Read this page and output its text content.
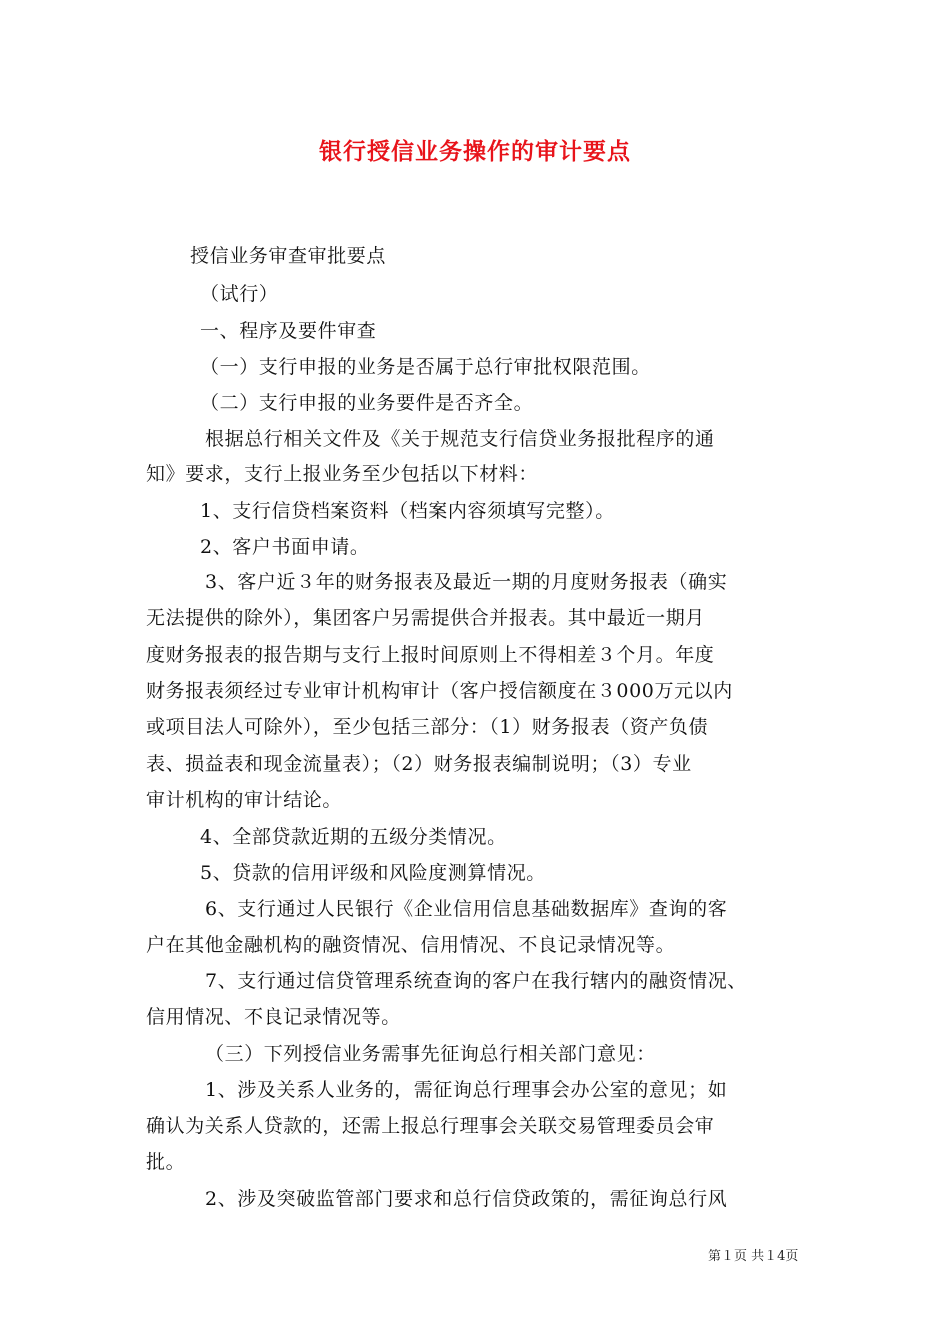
银行授信业务操作的审计要点
授信业务审查审批要点
（试行）
一、程序及要件审查
（一）支行申报的业务是否属于总行审批权限范围。
（二）支行申报的业务要件是否齐全。
根据总行相关文件及《关于规范支行信贷业务报批程序的通
知》要求，支行上报业务至少包括以下材料：
1、支行信贷档案资料（档案内容须填写完整）。
2、客户书面申请。
3、客户近３年的财务报表及最近一期的月度财务报表（确实
无法提供的除外），集团客户另需提供合并报表。其中最近一期月
度财务报表的报告期与支行上报时间原则上不得相差３个月。年度
财务报表须经过专业审计机构审计（客户授信额度在３000万元以内
或项目法人可除外），至少包括三部分：（1）财务报表（资产负债
表、损益表和现金流量表）；（2）财务报表编制说明；（3）专业
审计机构的审计结论。
4、全部贷款近期的五级分类情况。
5、贷款的信用评级和风险度测算情况。
6、支行通过人民银行《企业信用信息基础数据库》查询的客
户在其他金融机构的融资情况、信用情况、不良记录情况等。
7、支行通过信贷管理系统查询的客户在我行辖内的融资情况、
信用情况、不良记录情况等。
（三）下列授信业务需事先征询总行相关部门意见：
1、涉及关系人业务的，需征询总行理事会办公室的意见；如
确认为关系人贷款的，还需上报总行理事会关联交易管理委员会审
批。
2、涉及突破监管部门要求和总行信贷政策的，需征询总行风
第１页 共１4页
